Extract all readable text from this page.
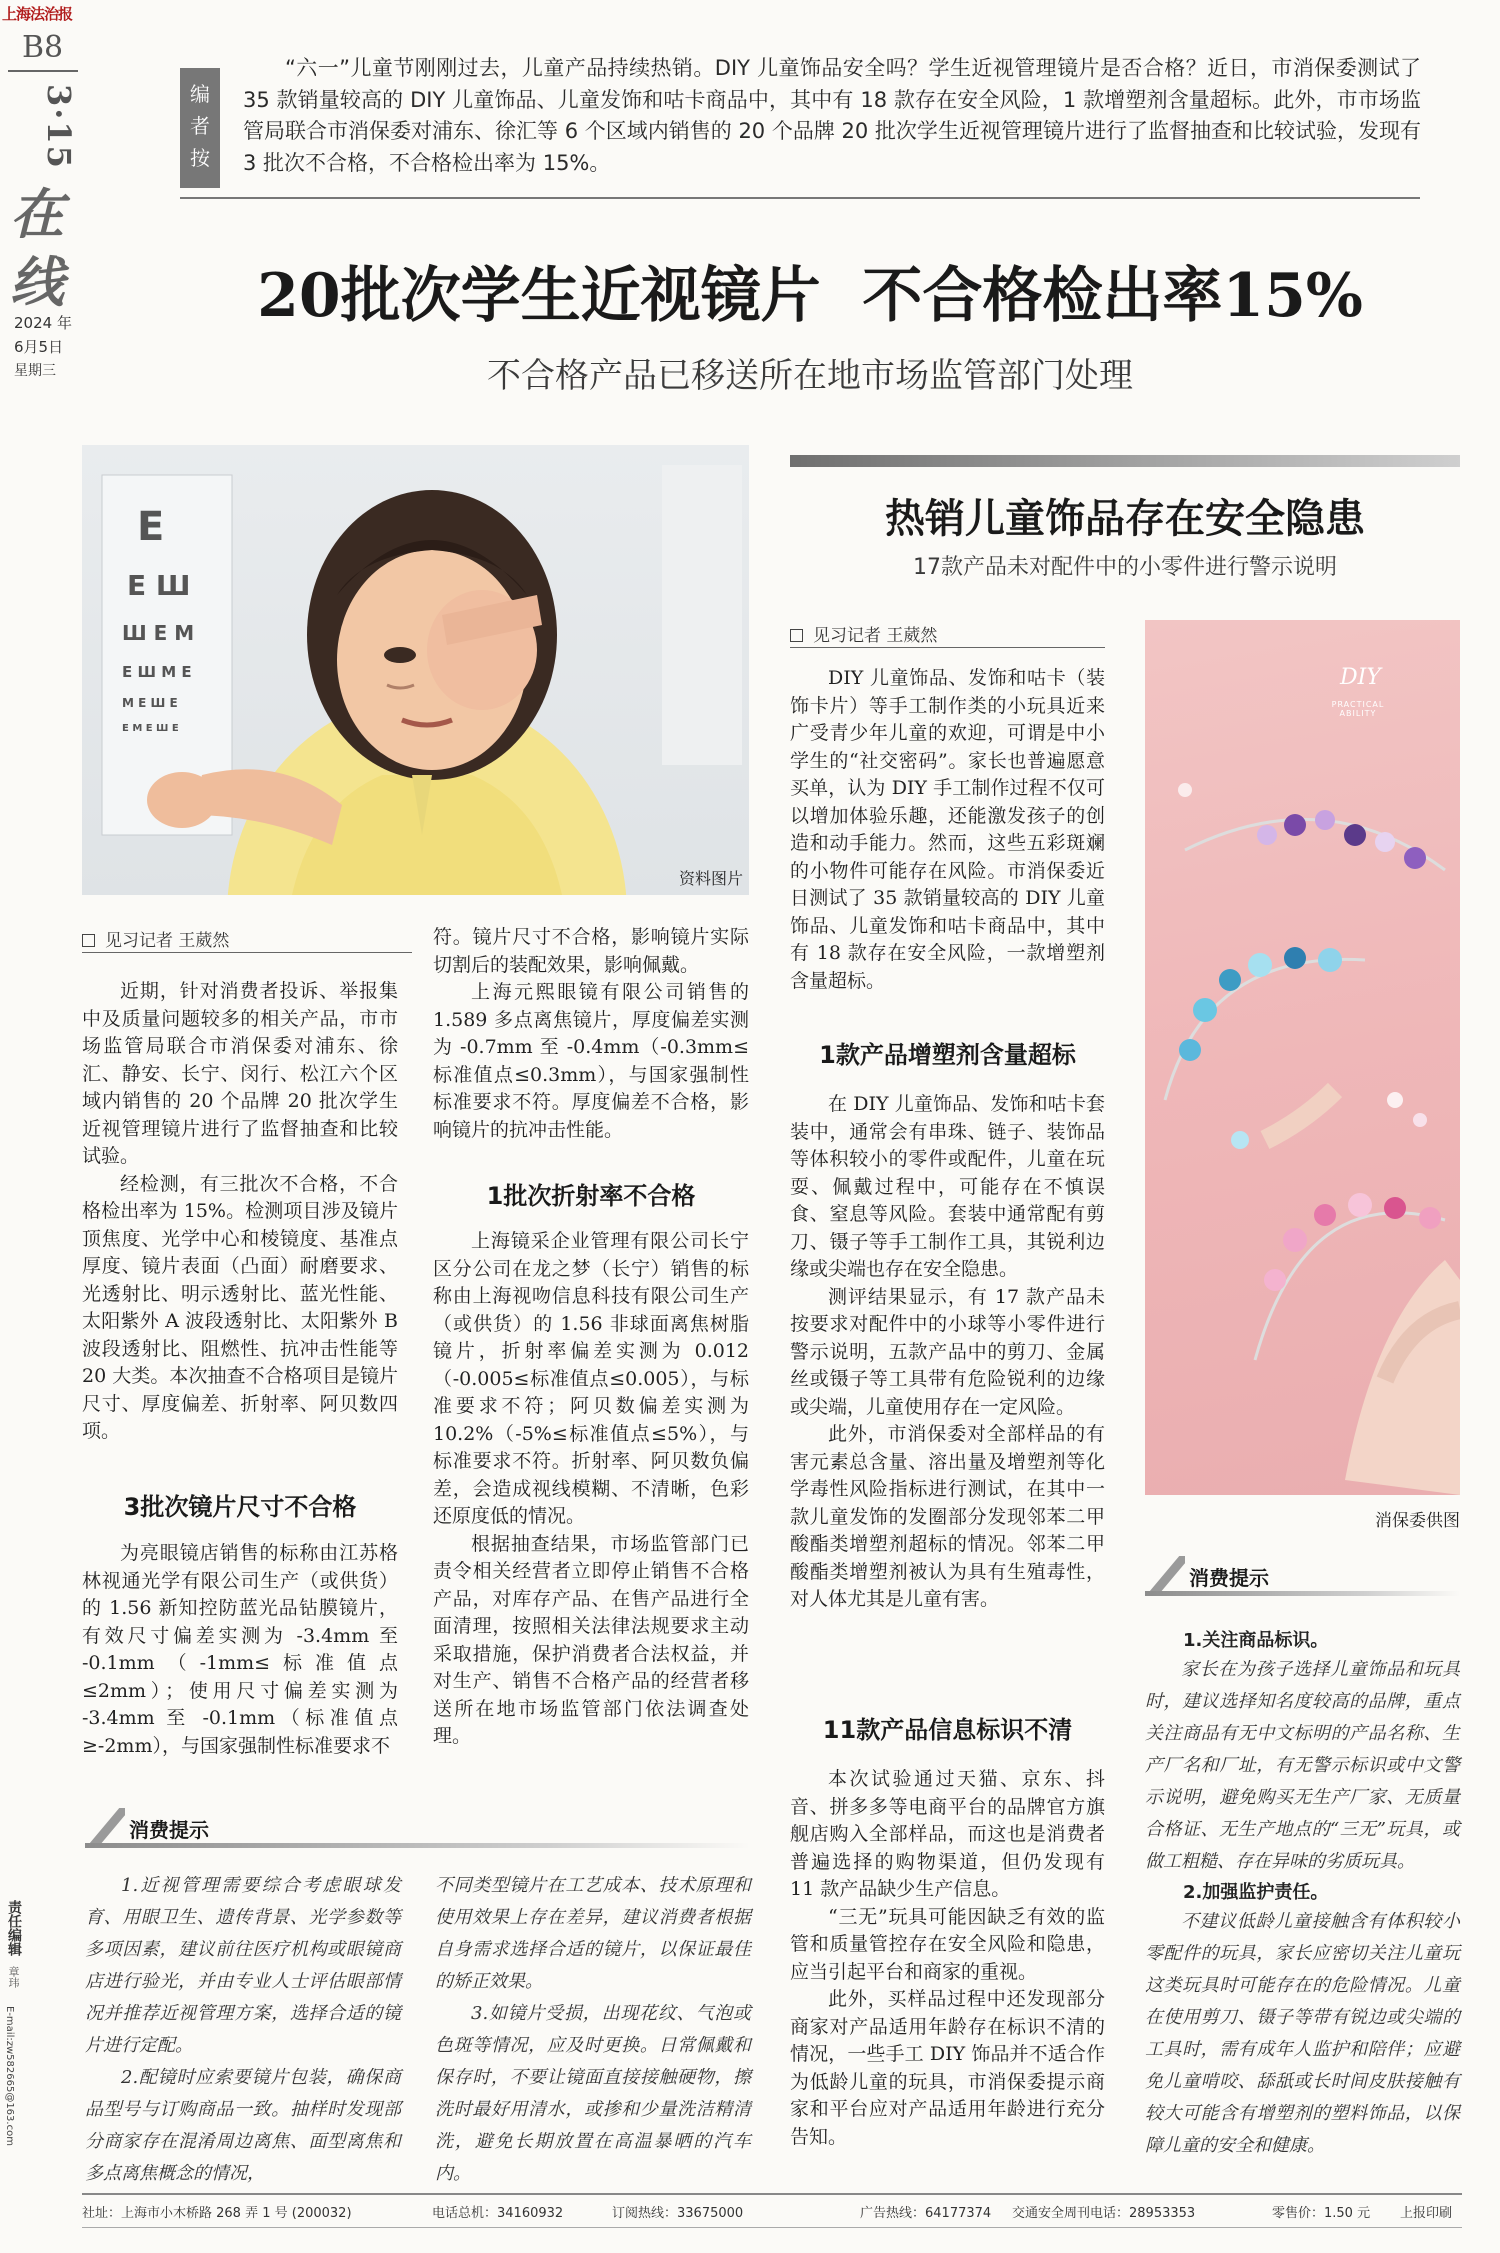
上海法治报
B8
3·15
在
线
2024 年
6月5日
星期三
编
者
按
“六一”儿童节刚刚过去，儿童产品持续热销。DIY 儿童饰品安全吗？学生近视管理镜片是否合格？近日，市消保委测试了 35 款销量较高的 DIY 儿童饰品、儿童发饰和咕卡商品中，其中有 18 款存在安全风险，1 款增塑剂含量超标。此外，市市场监管局联合市消保委对浦东、徐汇等 6 个区域内销售的 20 个品牌 20 批次学生近视管理镜片进行了监督抽查和比较试验，发现有 3 批次不合格，不合格检出率为 15%。
20批次学生近视镜片  不合格检出率15%
不合格产品已移送所在地市场监管部门处理
E
E Ш
Ш E M
E Ш M E
M E Ш E
E M E Ш E
资料图片
见习记者 王葳然

近期，针对消费者投诉、举报集中及质量问题较多的相关产品，市市场监管局联合市消保委对浦东、徐汇、静安、长宁、闵行、松江六个区域内销售的 20 个品牌 20 批次学生近视管理镜片进行了监督抽查和比较试验。

经检测，有三批次不合格，不合格检出率为 15%。检测项目涉及镜片顶焦度、光学中心和棱镜度、基准点厚度、镜片表面（凸面）耐磨要求、光透射比、明示透射比、蓝光性能、太阳紫外 A 波段透射比、太阳紫外 B 波段透射比、阻燃性、抗冲击性能等 20 大类。本次抽查不合格项目是镜片尺寸、厚度偏差、折射率、阿贝数四项。

3批次镜片尺寸不合格

为亮眼镜店销售的标称由江苏格林视通光学有限公司生产（或供货）的 1.56 新知控防蓝光品钻膜镜片，有效尺寸偏差实测为 -3.4mm 至 -0.1mm（-1mm≤标准值点≤2mm）；使用尺寸偏差实测为 -3.4mm 至 -0.1mm（标准值点≥-2mm），与国家强制性标准要求不

符。镜片尺寸不合格，影响镜片实际切割后的装配效果，影响佩戴。

上海元熙眼镜有限公司销售的 1.589 多点离焦镜片，厚度偏差实测为 -0.7mm 至 -0.4mm（-0.3mm≤标准值点≤0.3mm），与国家强制性标准要求不符。厚度偏差不合格，影响镜片的抗冲击性能。

1批次折射率不合格

上海镜采企业管理有限公司长宁区分公司在龙之梦（长宁）销售的标称由上海视吻信息科技有限公司生产（或供货）的 1.56 非球面离焦树脂镜片，折射率偏差实测为 0.012（-0.005≤标准值点≤0.005），与标准要求不符；阿贝数偏差实测为 10.2%（-5%≤标准值点≤5%），与标准要求不符。折射率、阿贝数负偏差，会造成视线模糊、不清晰，色彩还原度低的情况。

根据抽查结果，市场监管部门已责令相关经营者立即停止销售不合格产品，对库存产品、在售产品进行全面清理，按照相关法律法规要求主动采取措施，保护消费者合法权益，并对生产、销售不合格产品的经营者移送所在地市场监管部门依法调查处理。

消费提示

1.近视管理需要综合考虑眼球发育、用眼卫生、遗传背景、光学参数等多项因素，建议前往医疗机构或眼镜商店进行验光，并由专业人士评估眼部情况并推荐近视管理方案，选择合适的镜片进行定配。

2.配镜时应索要镜片包装，确保商品型号与订购商品一致。抽样时发现部分商家存在混淆周边离焦、面型离焦和多点离焦概念的情况，

不同类型镜片在工艺成本、技术原理和使用效果上存在差异，建议消费者根据自身需求选择合适的镜片，以保证最佳的矫正效果。

3.如镜片受损，出现花纹、气泡或色斑等情况，应及时更换。日常佩戴和保存时，不要让镜面直接接触硬物，擦洗时最好用清水，或掺和少量洗洁精清洗，避免长期放置在高温暴晒的汽车内。

热销儿童饰品存在安全隐患
17款产品未对配件中的小零件进行警示说明
见习记者 王葳然

DIY 儿童饰品、发饰和咕卡（装饰卡片）等手工制作类的小玩具近来广受青少年儿童的欢迎，可谓是中小学生的“社交密码”。家长也普遍愿意买单，认为 DIY 手工制作过程不仅可以增加体验乐趣，还能激发孩子的创造和动手能力。然而，这些五彩斑斓的小物件可能存在风险。市消保委近日测试了 35 款销量较高的 DIY 儿童饰品、儿童发饰和咕卡商品中，其中有 18 款存在安全风险，一款增塑剂含量超标。

1款产品增塑剂含量超标

在 DIY 儿童饰品、发饰和咕卡套装中，通常会有串珠、链子、装饰品等体积较小的零件或配件，儿童在玩耍、佩戴过程中，可能存在不慎误食、窒息等风险。套装中通常配有剪刀、镊子等手工制作工具，其锐利边缘或尖端也存在安全隐患。

测评结果显示，有 17 款产品未按要求对配件中的小球等小零件进行警示说明，五款产品中的剪刀、金属丝或镊子等工具带有危险锐利的边缘或尖端，儿童使用存在一定风险。

此外，市消保委对全部样品的有害元素总含量、溶出量及增塑剂等化学毒性风险指标进行测试，在其中一款儿童发饰的发圈部分发现邻苯二甲酸酯类增塑剂超标的情况。邻苯二甲酸酯类增塑剂被认为具有生殖毒性，对人体尤其是儿童有害。

11款产品信息标识不清

本次试验通过天猫、京东、抖音、拼多多等电商平台的品牌官方旗舰店购入全部样品，而这也是消费者普遍选择的购物渠道，但仍发现有 11 款产品缺少生产信息。

“三无”玩具可能因缺乏有效的监管和质量管控存在安全风险和隐患，应当引起平台和商家的重视。

此外，买样品过程中还发现部分商家对产品适用年龄存在标识不清的情况，一些手工 DIY 饰品并不适合作为低龄儿童的玩具，市消保委提示商家和平台应对产品适用年龄进行充分告知。

DIY
PRACTICAL ABILITY
消保委供图
消费提示
1.关注商品标识。

家长在为孩子选择儿童饰品和玩具时，建议选择知名度较高的品牌，重点关注商品有无中文标明的产品名称、生产厂名和厂址，有无警示标识或中文警示说明，避免购买无生产厂家、无质量合格证、无生产地点的“三无”玩具，或做工粗糙、存在异味的劣质玩具。

2.加强监护责任。

不建议低龄儿童接触含有体积较小零配件的玩具，家长应密切关注儿童玩这类玩具时可能存在的危险情况。儿童在使用剪刀、镊子等带有锐边或尖端的工具时，需有成年人监护和陪伴；应避免儿童啃咬、舔舐或长时间皮肤接触有较大可能含有增塑剂的塑料饰品，以保障儿童的安全和健康。

责任编辑
章玮
E-mail:zw582665@163.com
社址：上海市小木桥路 268 弄 1 号 (200032)	电话总机：34160932	订阅热线：33675000	广告热线：64177374 交通安全周刊电话：28953353	零售价：1.50 元 上报印刷
